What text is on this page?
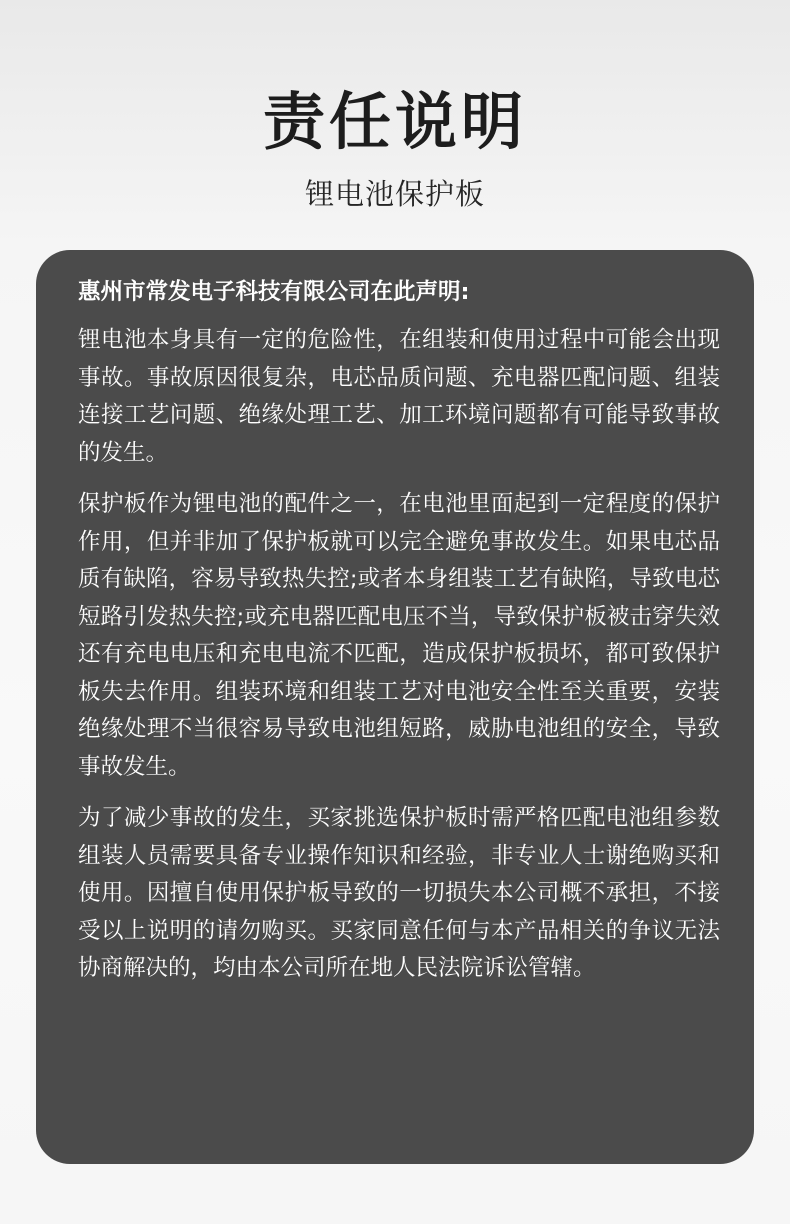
责任说明
锂电池保护板
惠州市常发电子科技有限公司在此声明:

锂电池本身具有一定的危险性，在组装和使用过程中可能会出现事故。事故原因很复杂，电芯品质问题、充电器匹配问题、组装连接工艺问题、绝缘处理工艺、加工环境问题都有可能导致事故的发生。

保护板作为锂电池的配件之一，在电池里面起到一定程度的保护作用，但并非加了保护板就可以完全避免事故发生。如果电芯品质有缺陷，容易导致热失控;或者本身组装工艺有缺陷，导致电芯短路引发热失控;或充电器匹配电压不当，导致保护板被击穿失效还有充电电压和充电电流不匹配，造成保护板损坏，都可致保护板失去作用。组装环境和组装工艺对电池安全性至关重要，安装绝缘处理不当很容易导致电池组短路，威胁电池组的安全，导致事故发生。

为了减少事故的发生，买家挑选保护板时需严格匹配电池组参数组装人员需要具备专业操作知识和经验，非专业人士谢绝购买和使用。因擅自使用保护板导致的一切损失本公司概不承担，不接受以上说明的请勿购买。买家同意任何与本产品相关的争议无法协商解决的，均由本公司所在地人民法院诉讼管辖。
